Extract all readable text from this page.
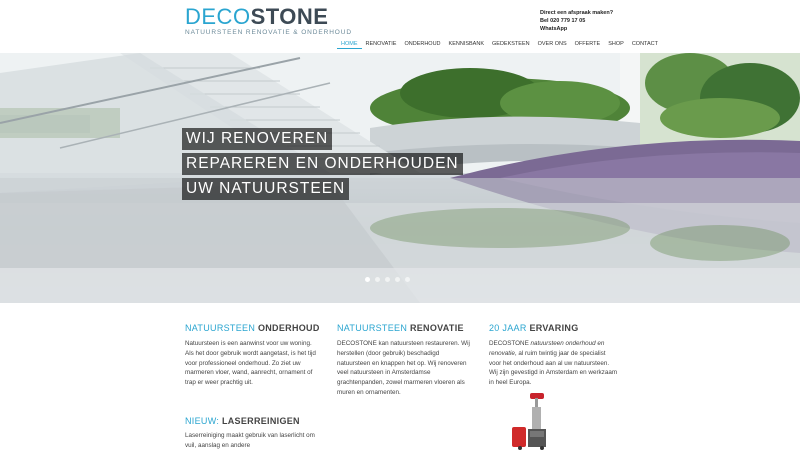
DECOSTONE
NATUURSTEEN RENOVATIE & ONDERHOUD
Direct een afspraak maken?
Bel 020 779 17 05
WhatsApp
HOME	RENOVATIE	ONDERHOUD	KENNISBANK	GEDEKSTEEN	OVER ONS	OFFERTE	SHOP	CONTACT
WIJ RENOVEREN
REPAREREN EN ONDERHOUDEN
UW NATUURSTEEN
NATUURSTEEN ONDERHOUD
Natuursteen is een aanwinst voor uw woning. Als het door gebruik wordt aangetast, is het tijd voor professioneel onderhoud. Zo ziet uw marmeren vloer, wand, aanrecht, ornament of trap er weer prachtig uit.
NATUURSTEEN RENOVATIE
DECOSTONE kan natuursteen restaureren. Wij herstellen (door gebruik) beschadigd natuursteen en knappen het op. Wij renoveren veel natuursteen in Amsterdamse grachtenpanden, zowel marmeren vloeren als muren en ornamenten.
20 JAAR ERVARING
DECOSTONE natuursteen onderhoud en renovatie, al ruim twintig jaar de specialist voor het onderhoud aan al uw natuursteen. Wij zijn gevestigd in Amsterdam en werkzaam in heel Europa.
NIEUW: LASERREINIGEN
Laserreiniging maakt gebruik van laserlicht om vuil, aanslag en andere
